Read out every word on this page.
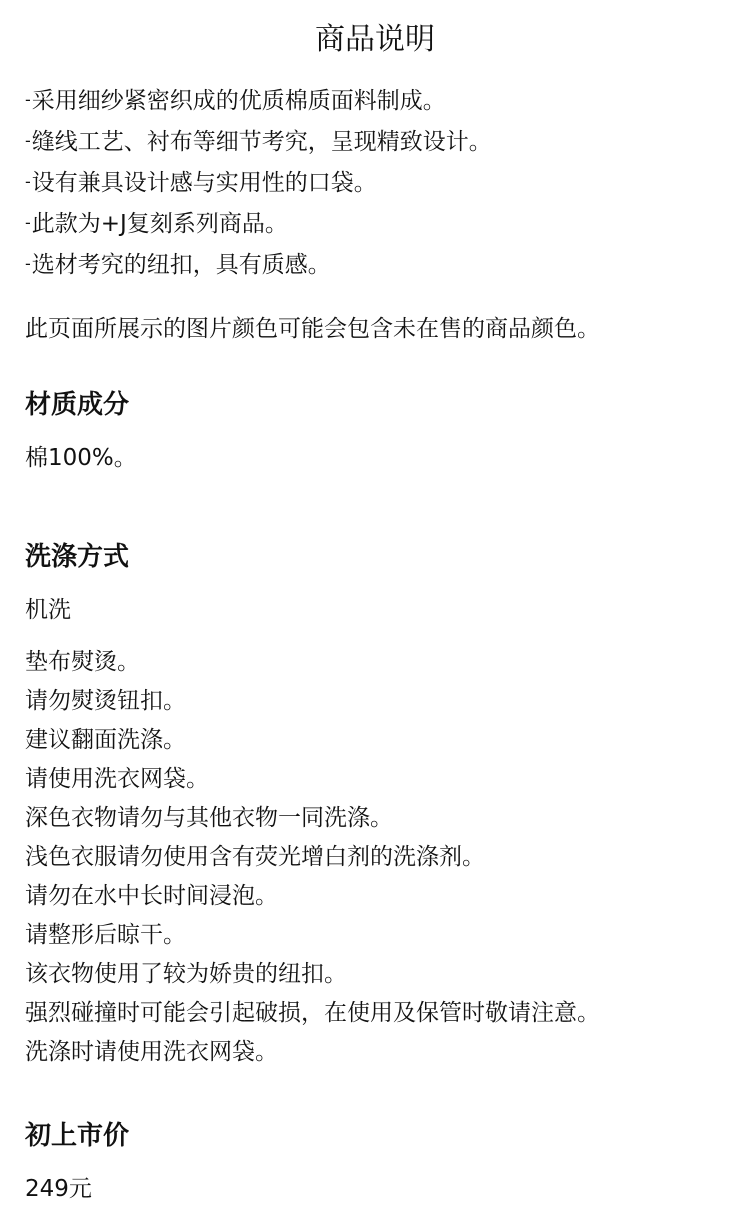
商品说明
-采用细纱紧密织成的优质棉质面料制成。
-缝线工艺、衬布等细节考究，呈现精致设计。
-设有兼具设计感与实用性的口袋。
-此款为+J复刻系列商品。
-选材考究的纽扣，具有质感。

此页面所展示的图片颜色可能会包含未在售的商品颜色。

材质成分

棉100%。

洗涤方式

机洗

垫布熨烫。
请勿熨烫钮扣。
建议翻面洗涤。
请使用洗衣网袋。
深色衣物请勿与其他衣物一同洗涤。
浅色衣服请勿使用含有荧光增白剂的洗涤剂。
请勿在水中长时间浸泡。
请整形后晾干。
该衣物使用了较为娇贵的纽扣。
强烈碰撞时可能会引起破损，在使用及保管时敬请注意。
洗涤时请使用洗衣网袋。
初上市价

249元
